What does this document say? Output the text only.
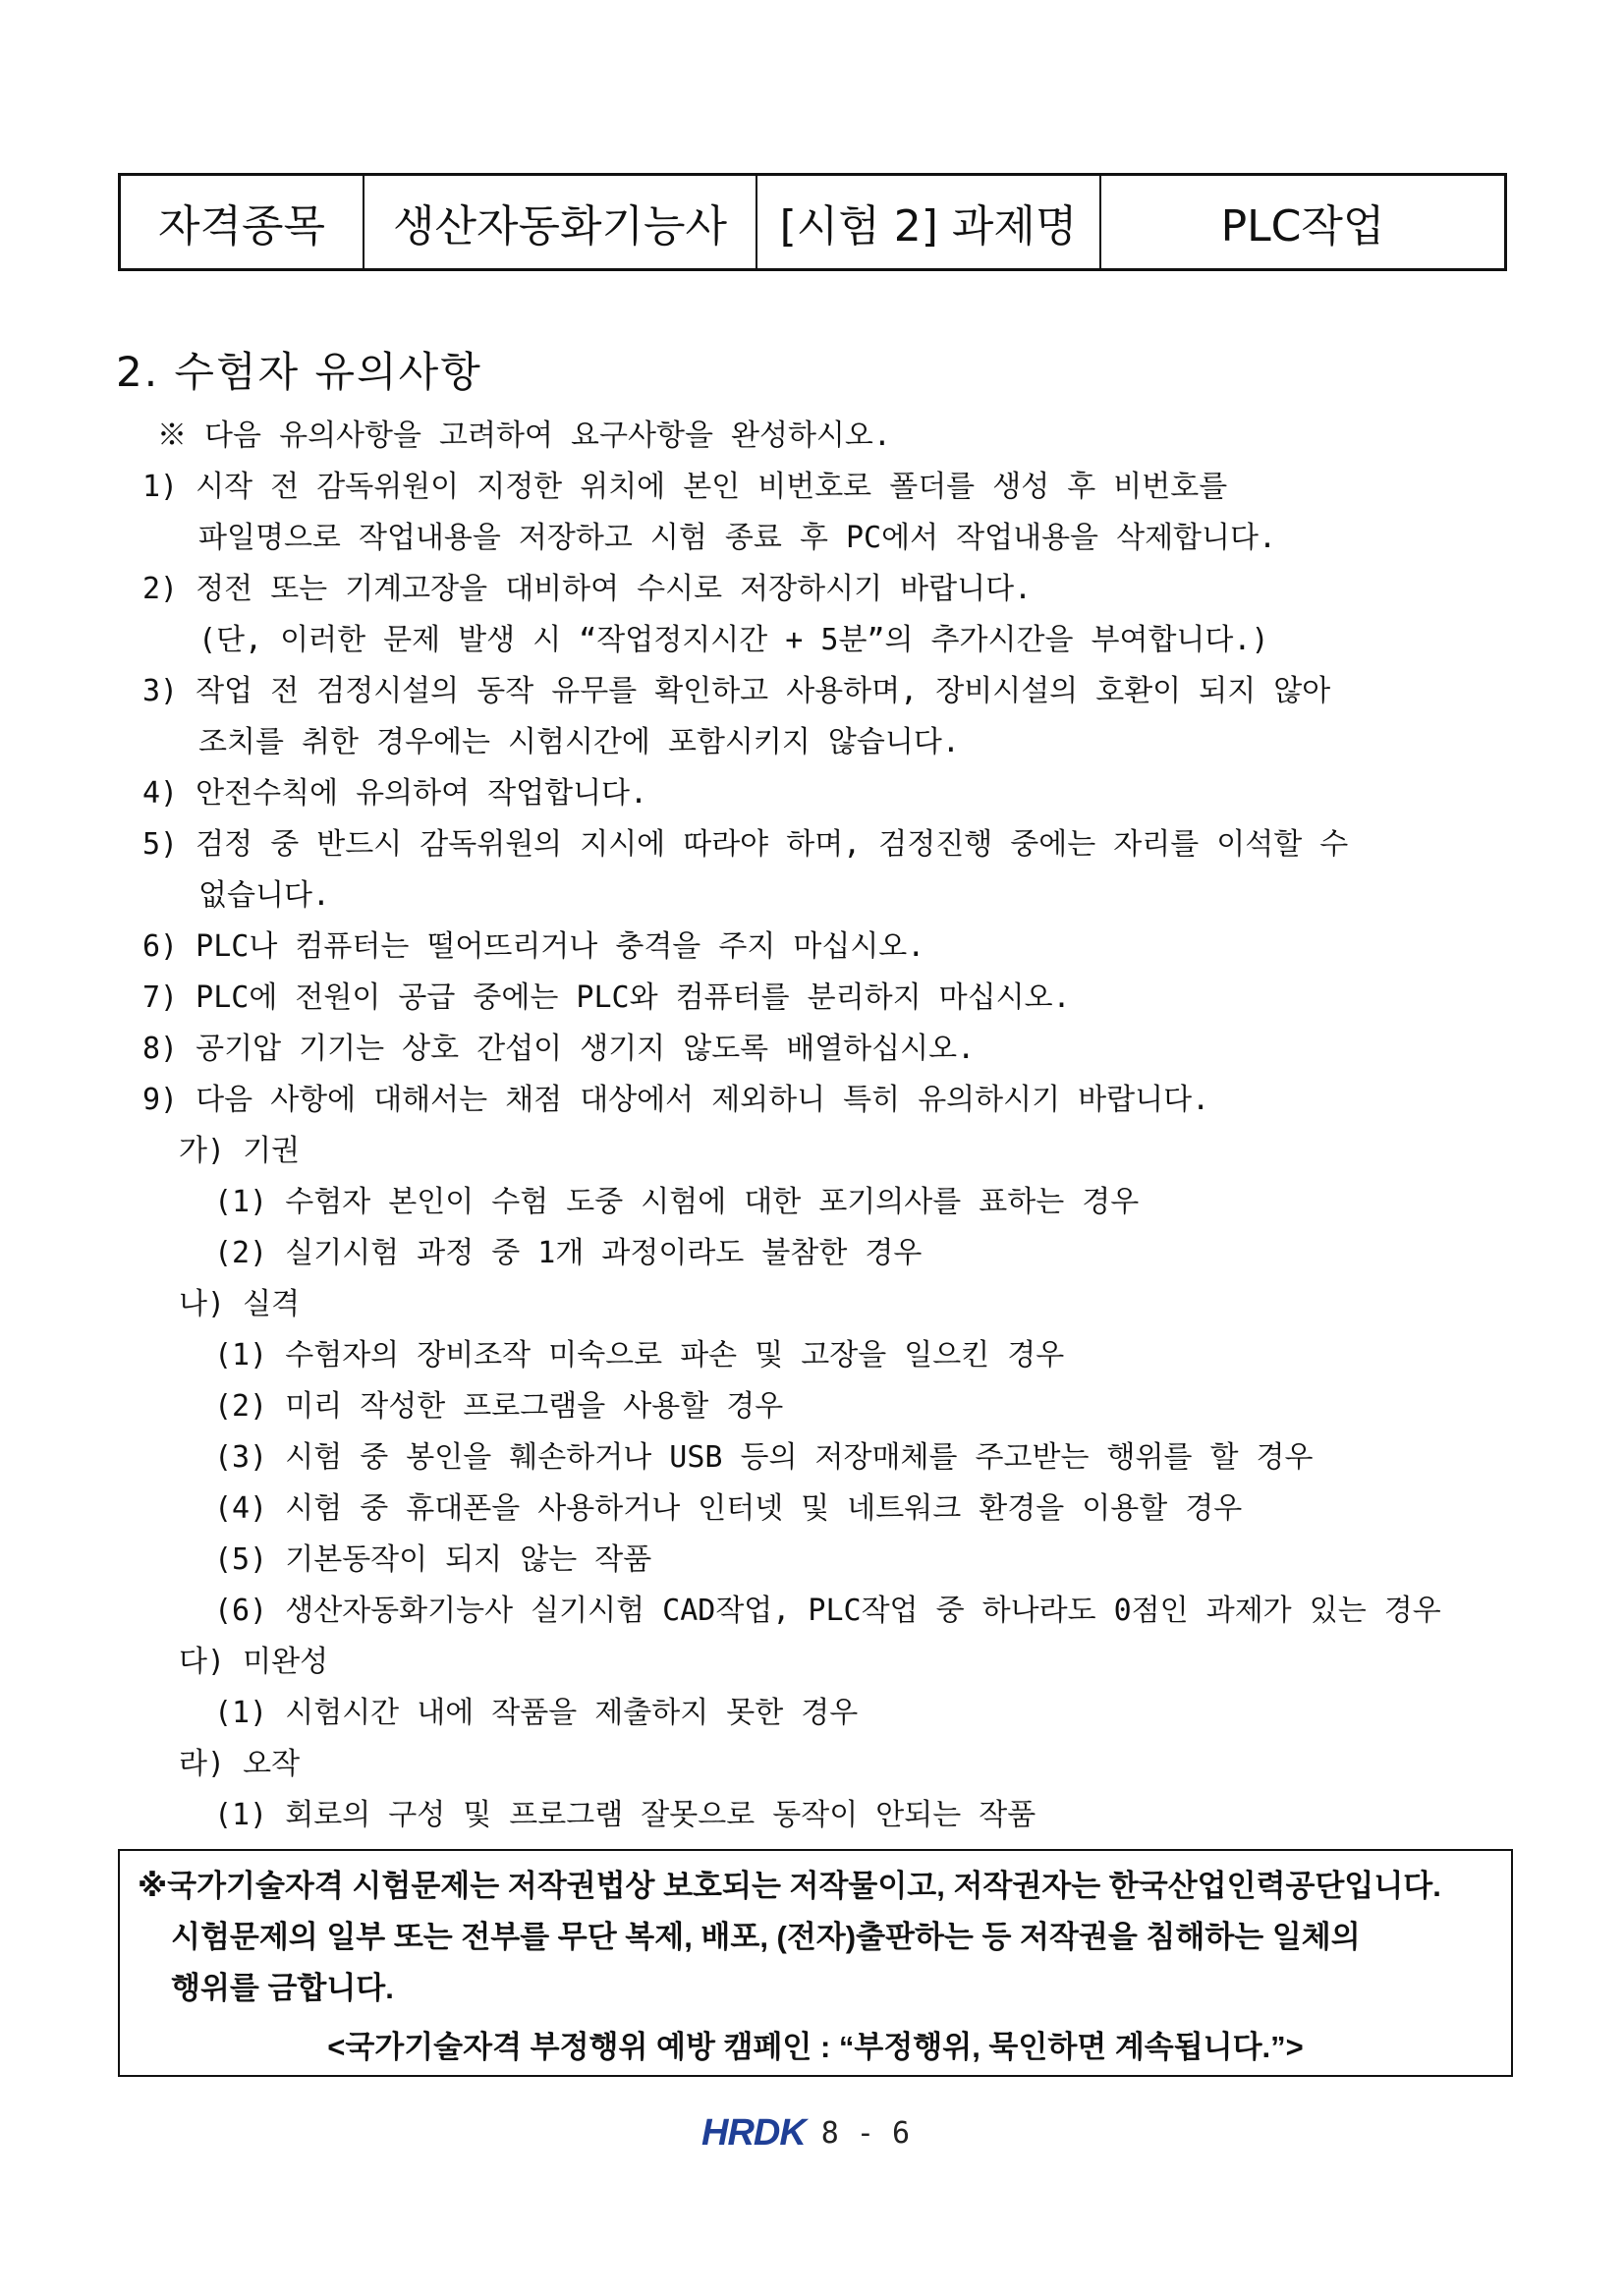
자격종목	생산자동화기능사	[시험 2] 과제명	PLC작업
2. 수험자 유의사항
※ 다음 유의사항을 고려하여 요구사항을 완성하시오.
1) 시작 전 감독위원이 지정한 위치에 본인 비번호로 폴더를 생성 후 비번호를
파일명으로 작업내용을 저장하고 시험 종료 후 PC에서 작업내용을 삭제합니다.
2) 정전 또는 기계고장을 대비하여 수시로 저장하시기 바랍니다.
(단, 이러한 문제 발생 시 “작업정지시간 + 5분”의 추가시간을 부여합니다.)
3) 작업 전 검정시설의 동작 유무를 확인하고 사용하며, 장비시설의 호환이 되지 않아
조치를 취한 경우에는 시험시간에 포함시키지 않습니다.
4) 안전수칙에 유의하여 작업합니다.
5) 검정 중 반드시 감독위원의 지시에 따라야 하며, 검정진행 중에는 자리를 이석할 수
없습니다.
6) PLC나 컴퓨터는 떨어뜨리거나 충격을 주지 마십시오.
7) PLC에 전원이 공급 중에는 PLC와 컴퓨터를 분리하지 마십시오.
8) 공기압 기기는 상호 간섭이 생기지 않도록 배열하십시오.
9) 다음 사항에 대해서는 채점 대상에서 제외하니 특히 유의하시기 바랍니다.
가) 기권
(1) 수험자 본인이 수험 도중 시험에 대한 포기의사를 표하는 경우
(2) 실기시험 과정 중 1개 과정이라도 불참한 경우
나) 실격
(1) 수험자의 장비조작 미숙으로 파손 및 고장을 일으킨 경우
(2) 미리 작성한 프로그램을 사용할 경우
(3) 시험 중 봉인을 훼손하거나 USB 등의 저장매체를 주고받는 행위를 할 경우
(4) 시험 중 휴대폰을 사용하거나 인터넷 및 네트워크 환경을 이용할 경우
(5) 기본동작이 되지 않는 작품
(6) 생산자동화기능사 실기시험 CAD작업, PLC작업 중 하나라도 0점인 과제가 있는 경우
다) 미완성
(1) 시험시간 내에 작품을 제출하지 못한 경우
라) 오작
(1) 회로의 구성 및 프로그램 잘못으로 동작이 안되는 작품
※국가기술자격 시험문제는 저작권법상 보호되는 저작물이고, 저작권자는 한국산업인력공단입니다.
시험문제의 일부 또는 전부를 무단 복제, 배포, (전자)출판하는 등 저작권을 침해하는 일체의
행위를 금합니다.
<국가기술자격 부정행위 예방 캠페인 : “부정행위, 묵인하면 계속됩니다.”>
HRDK 8 - 6
